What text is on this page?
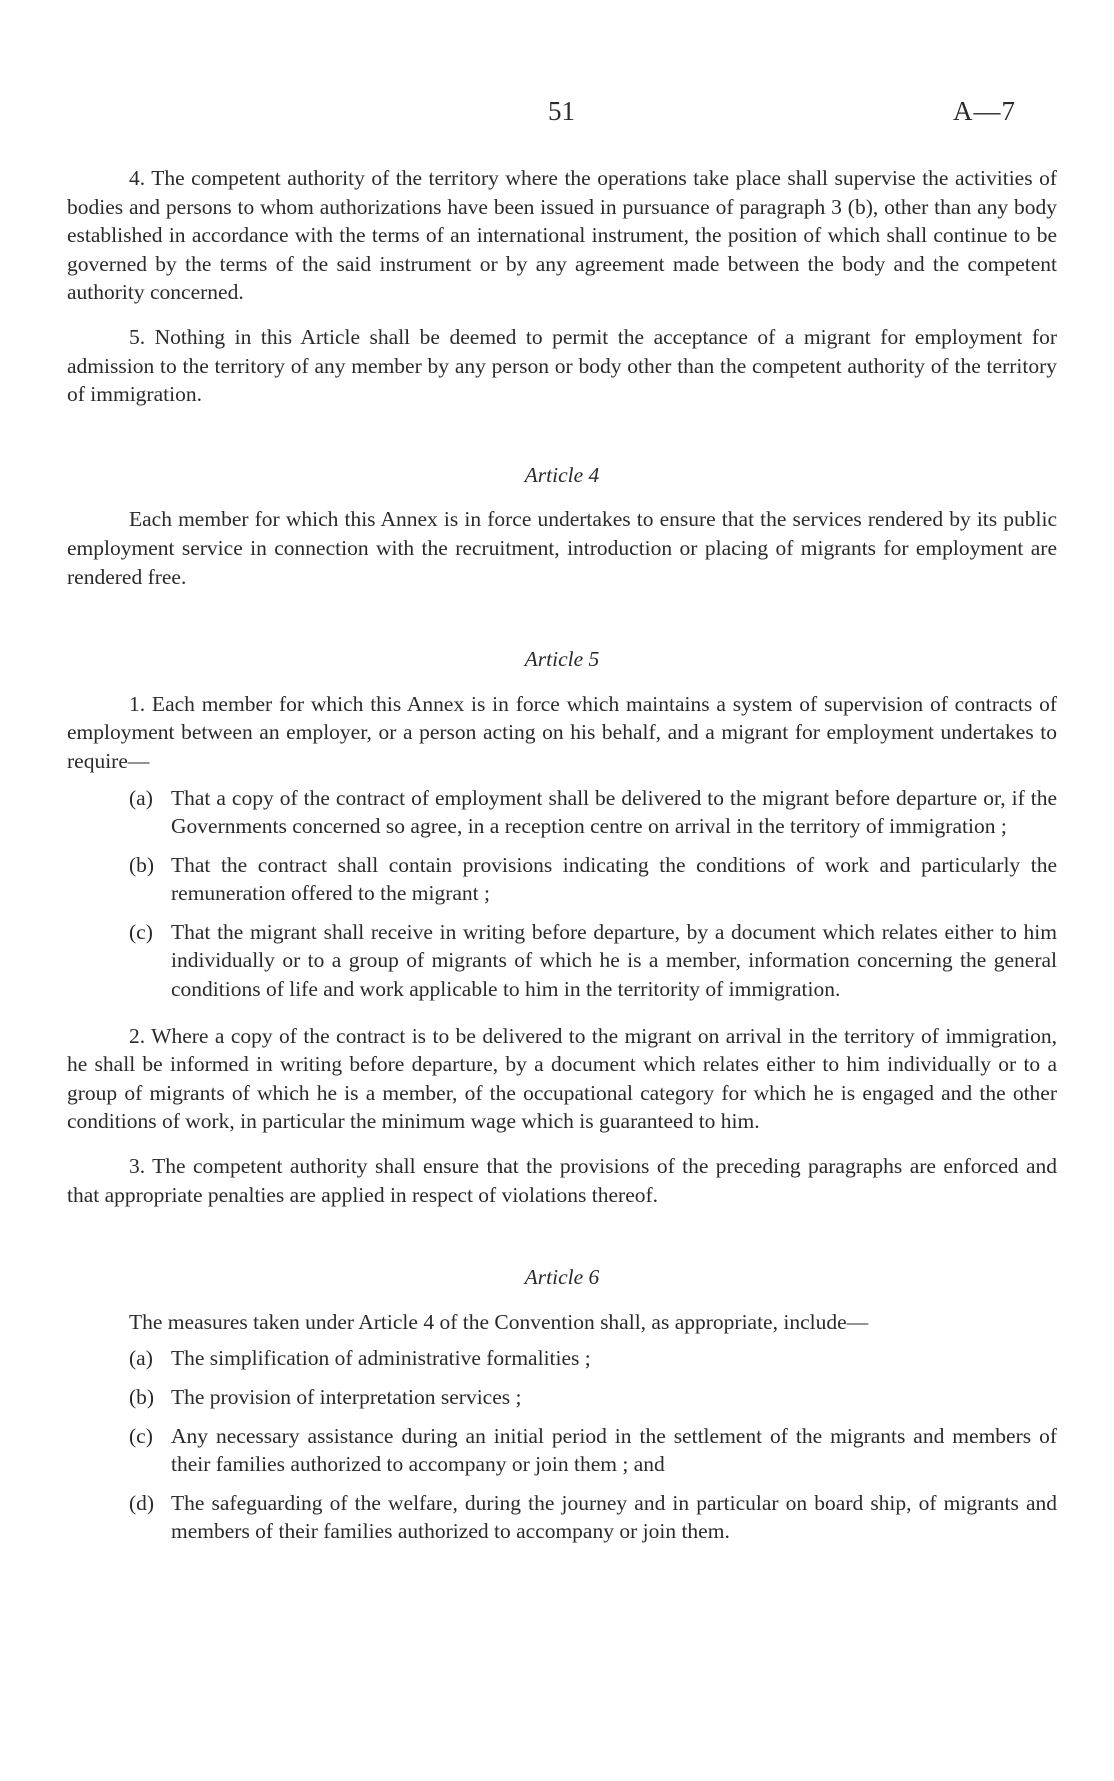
51	A—7

4. The competent authority of the territory where the operations take place shall supervise the activities of bodies and persons to whom authorizations have been issued in pursuance of paragraph 3 (b), other than any body established in accordance with the terms of an international instrument, the position of which shall continue to be governed by the terms of the said instrument or by any agreement made between the body and the competent authority concerned.

5. Nothing in this Article shall be deemed to permit the acceptance of a migrant for employment for admission to the territory of any member by any person or body other than the competent authority of the territory of immigration.

Article 4

Each member for which this Annex is in force undertakes to ensure that the services rendered by its public employment service in connection with the recruitment, introduction or placing of migrants for employment are rendered free.

Article 5

1. Each member for which this Annex is in force which maintains a system of supervision of contracts of employment between an employer, or a person acting on his behalf, and a migrant for employment undertakes to require—

(a) That a copy of the contract of employment shall be delivered to the migrant before departure or, if the Governments concerned so agree, in a reception centre on arrival in the territory of immigration ;
(b) That the contract shall contain provisions indicating the conditions of work and particularly the remuneration offered to the migrant ;
(c) That the migrant shall receive in writing before departure, by a document which relates either to him individually or to a group of migrants of which he is a member, information concerning the general conditions of life and work applicable to him in the territority of immigration.

2. Where a copy of the contract is to be delivered to the migrant on arrival in the territory of immigration, he shall be informed in writing before departure, by a document which relates either to him individually or to a group of migrants of which he is a member, of the occupational category for which he is engaged and the other conditions of work, in particular the minimum wage which is guaranteed to him.

3. The competent authority shall ensure that the provisions of the preceding paragraphs are enforced and that appropriate penalties are applied in respect of violations thereof.

Article 6

The measures taken under Article 4 of the Convention shall, as appropriate, include—

(a) The simplification of administrative formalities ;
(b) The provision of interpretation services ;
(c) Any necessary assistance during an initial period in the settlement of the migrants and members of their families authorized to accompany or join them ; and
(d) The safeguarding of the welfare, during the journey and in particular on board ship, of migrants and members of their families authorized to accompany or join them.
